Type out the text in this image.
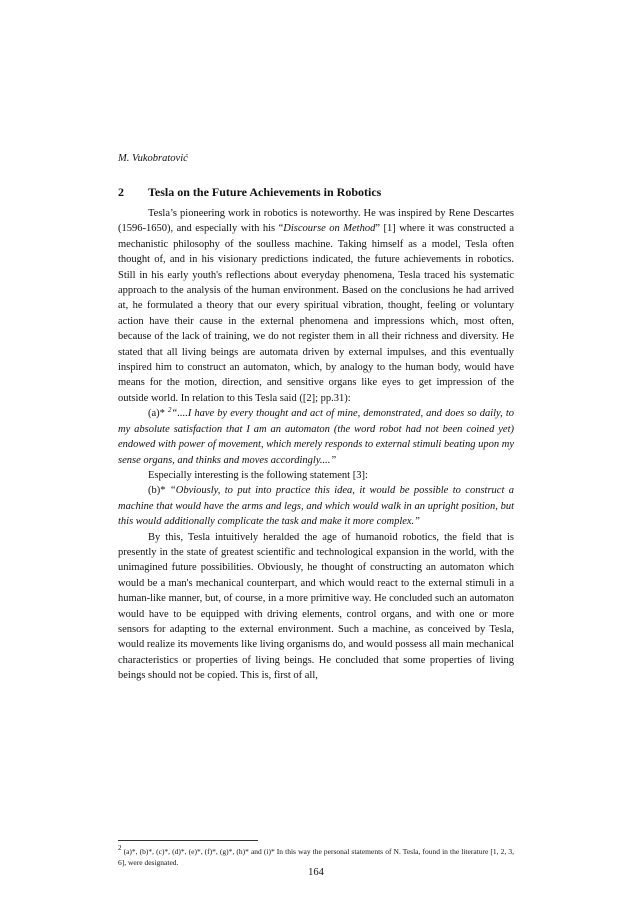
M. Vukobratović
2 Tesla on the Future Achievements in Robotics

Tesla’s pioneering work in robotics is noteworthy. He was inspired by Rene Descartes (1596-1650), and especially with his “Discourse on Method” [1] where it was constructed a mechanistic philosophy of the soulless machine. Taking himself as a model, Tesla often thought of, and in his visionary predictions indicated, the future achievements in robotics. Still in his early youth's reflections about everyday phenomena, Tesla traced his systematic approach to the analysis of the human environment. Based on the conclusions he had arrived at, he formulated a theory that our every spiritual vibration, thought, feeling or voluntary action have their cause in the external phenomena and impressions which, most often, because of the lack of training, we do not register them in all their richness and diversity. He stated that all living beings are automata driven by external impulses, and this eventually inspired him to construct an automaton, which, by analogy to the human body, would have means for the motion, direction, and sensitive organs like eyes to get impression of the outside world. In relation to this Tesla said ([2]; pp.31):

(a)* $^2$“....I have by every thought and act of mine, demonstrated, and does so daily, to my absolute satisfaction that I am an automaton (the word robot had not been coined yet) endowed with power of movement, which merely responds to external stimuli beating upon my sense organs, and thinks and moves accordingly....”

Especially interesting is the following statement [3]:

(b)* “Obviously, to put into practice this idea, it would be possible to construct a machine that would have the arms and legs, and which would walk in an upright position, but this would additionally complicate the task and make it more complex.”

By this, Tesla intuitively heralded the age of humanoid robotics, the field that is presently in the state of greatest scientific and technological expansion in the world, with the unimagined future possibilities. Obviously, he thought of constructing an automaton which would be a man's mechanical counterpart, and which would react to the external stimuli in a human-like manner, but, of course, in a more primitive way. He concluded such an automaton would have to be equipped with driving elements, control organs, and with one or more sensors for adapting to the external environment. Such a machine, as conceived by Tesla, would realize its movements like living organisms do, and would possess all main mechanical characteristics or properties of living beings. He concluded that some properties of living beings should not be copied. This is, first of all,

$^2$ (a)*, (b)*, (c)*, (d)*, (e)*, (f)*, (g)*, (h)* and (i)* In this way the personal statements of N. Tesla, found in the literature [1, 2, 3, 6], were designated.
164
